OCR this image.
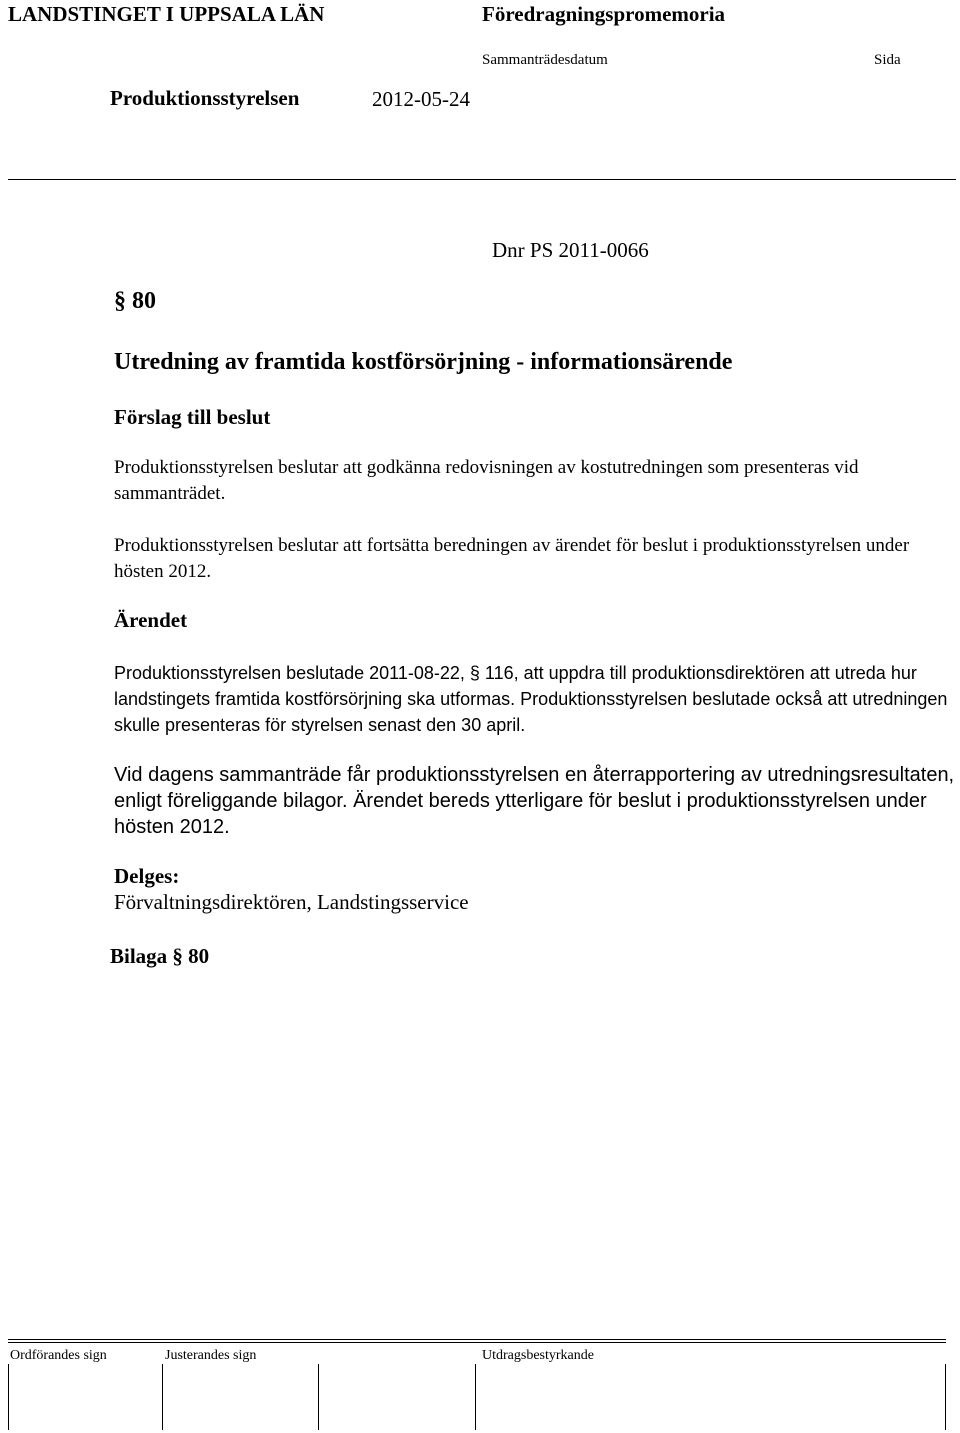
LANDSTINGET I UPPSALA LÄN	Föredragningspromemoria
Sammanträdesdatum	Sida
Produktionsstyrelsen	2012-05-24
Dnr PS 2011-0066
§ 80
Utredning av framtida kostförsörjning - informationsärende
Förslag till beslut
Produktionsstyrelsen beslutar att godkänna redovisningen av kostutredningen som presenteras vid sammanträdet.
Produktionsstyrelsen beslutar att fortsätta beredningen av ärendet för beslut i produktionsstyrelsen under hösten 2012.
Ärendet
Produktionsstyrelsen beslutade 2011-08-22, § 116, att uppdra till produktionsdirektören att utreda hur landstingets framtida kostförsörjning ska utformas. Produktionsstyrelsen beslutade också att utredningen skulle presenteras för styrelsen senast den 30 april.
Vid dagens sammanträde får produktionsstyrelsen en återrapportering av utredningsresultaten, enligt föreliggande bilagor. Ärendet bereds ytterligare för beslut i produktionsstyrelsen under hösten 2012.
Delges:
Förvaltningsdirektören, Landstingsservice
Bilaga § 80
Ordförandes sign	Justerandes sign	Utdragsbestyrkande
